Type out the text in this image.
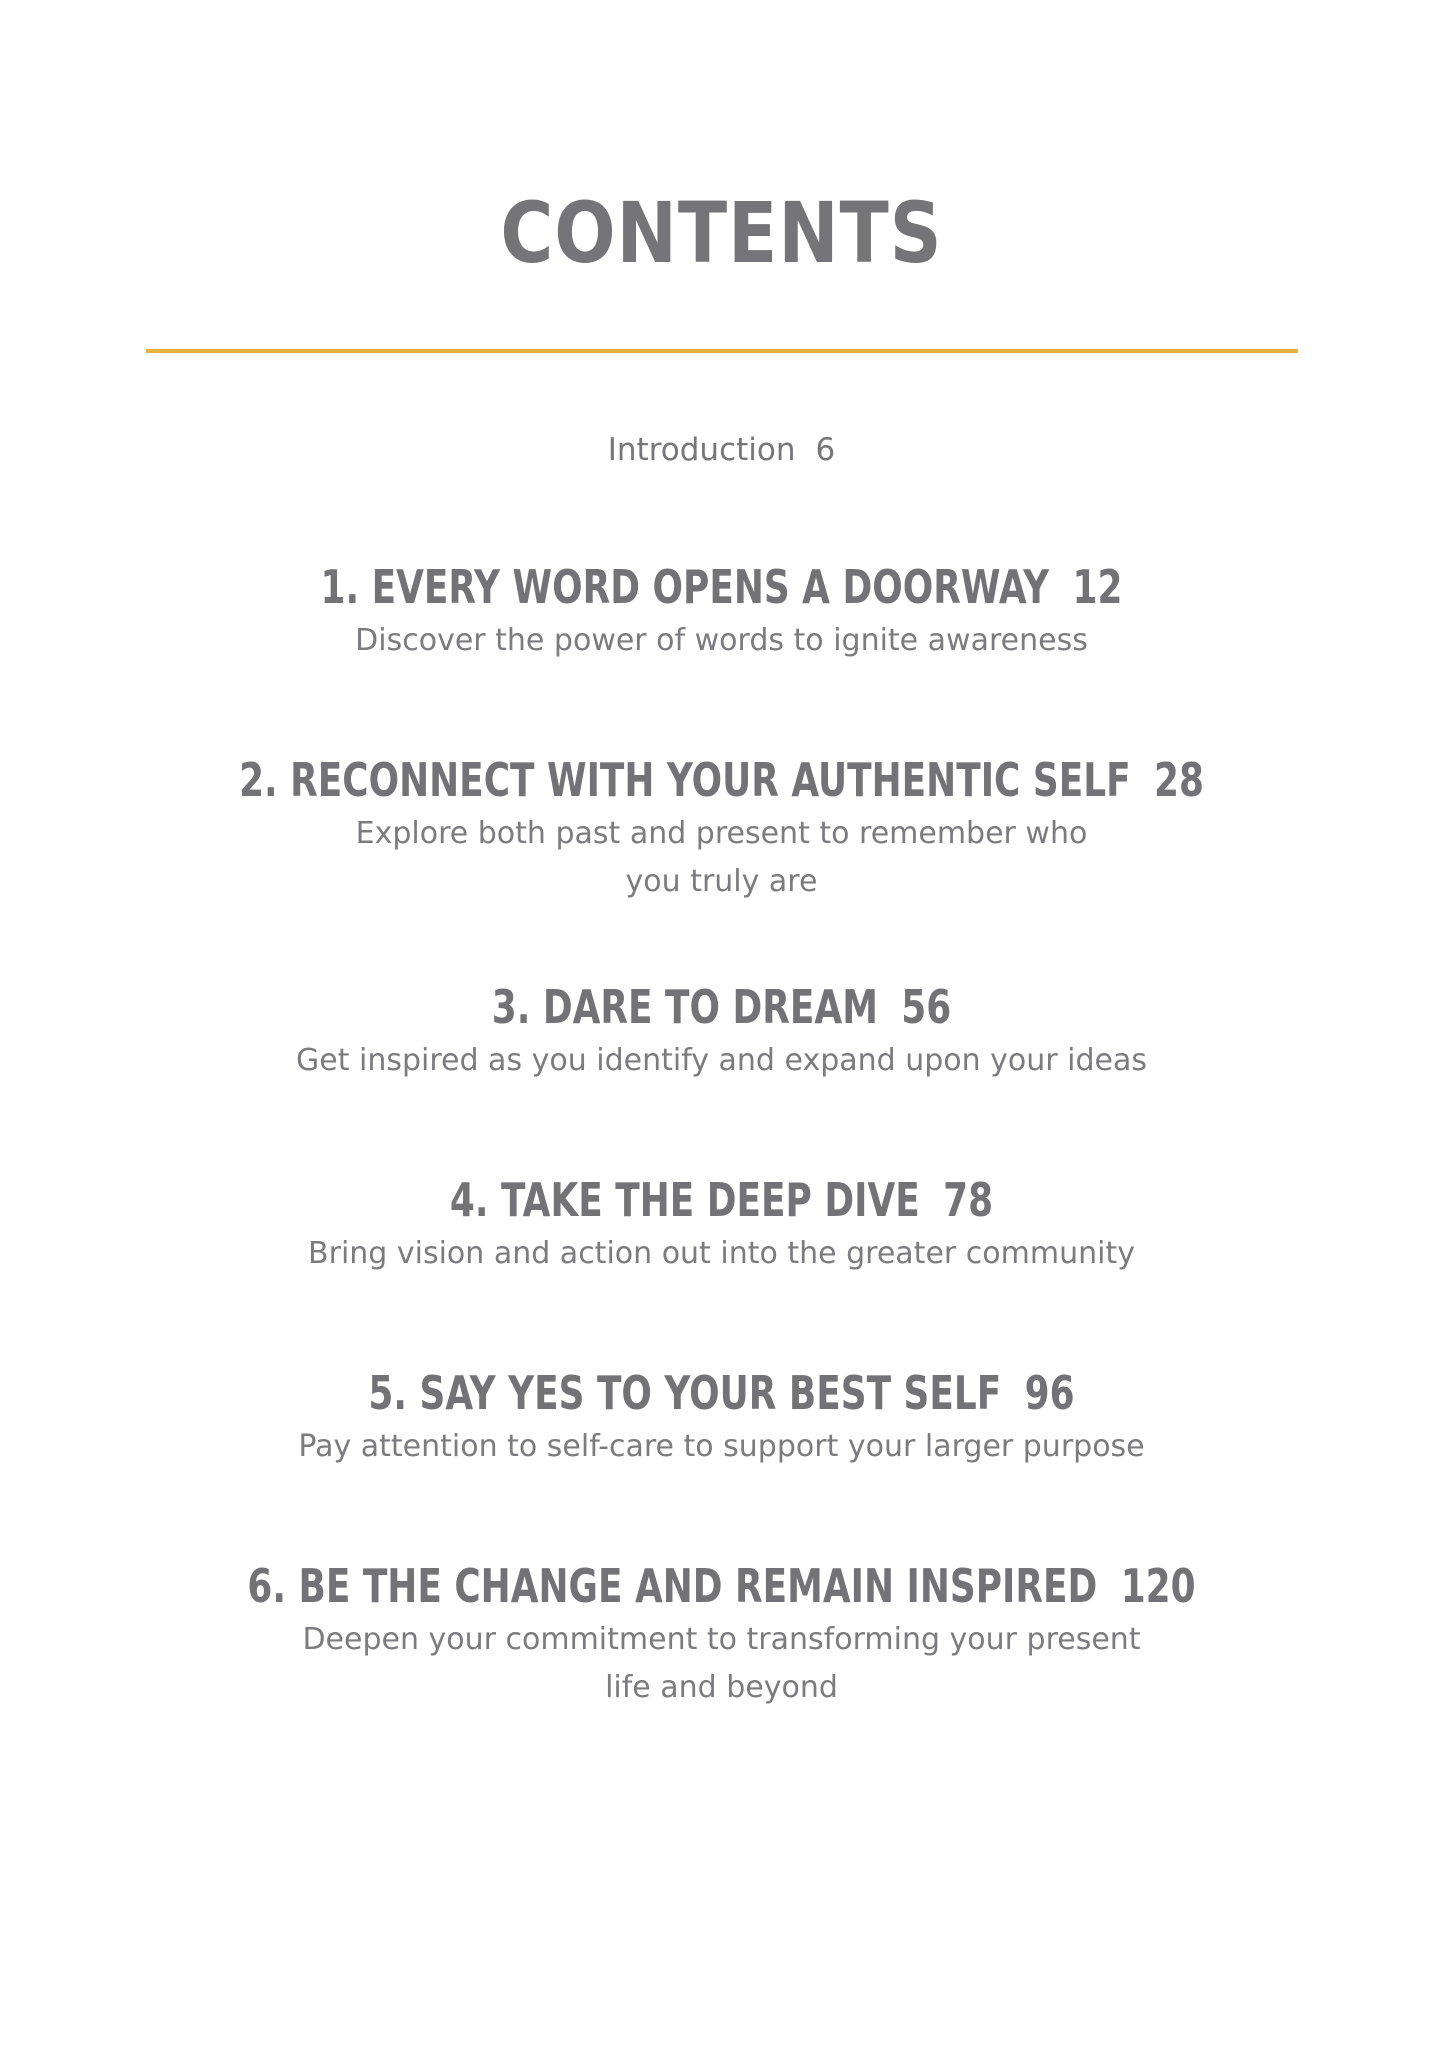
CONTENTS
Introduction 6
1. EVERY WORD OPENS A DOORWAY 12
Discover the power of words to ignite awareness
2. RECONNECT WITH YOUR AUTHENTIC SELF 28
Explore both past and present to remember who
you truly are
3. DARE TO DREAM 56
Get inspired as you identify and expand upon your ideas
4. TAKE THE DEEP DIVE 78
Bring vision and action out into the greater community
5. SAY YES TO YOUR BEST SELF 96
Pay attention to self-care to support your larger purpose
6. BE THE CHANGE AND REMAIN INSPIRED 120
Deepen your commitment to transforming your present
life and beyond
